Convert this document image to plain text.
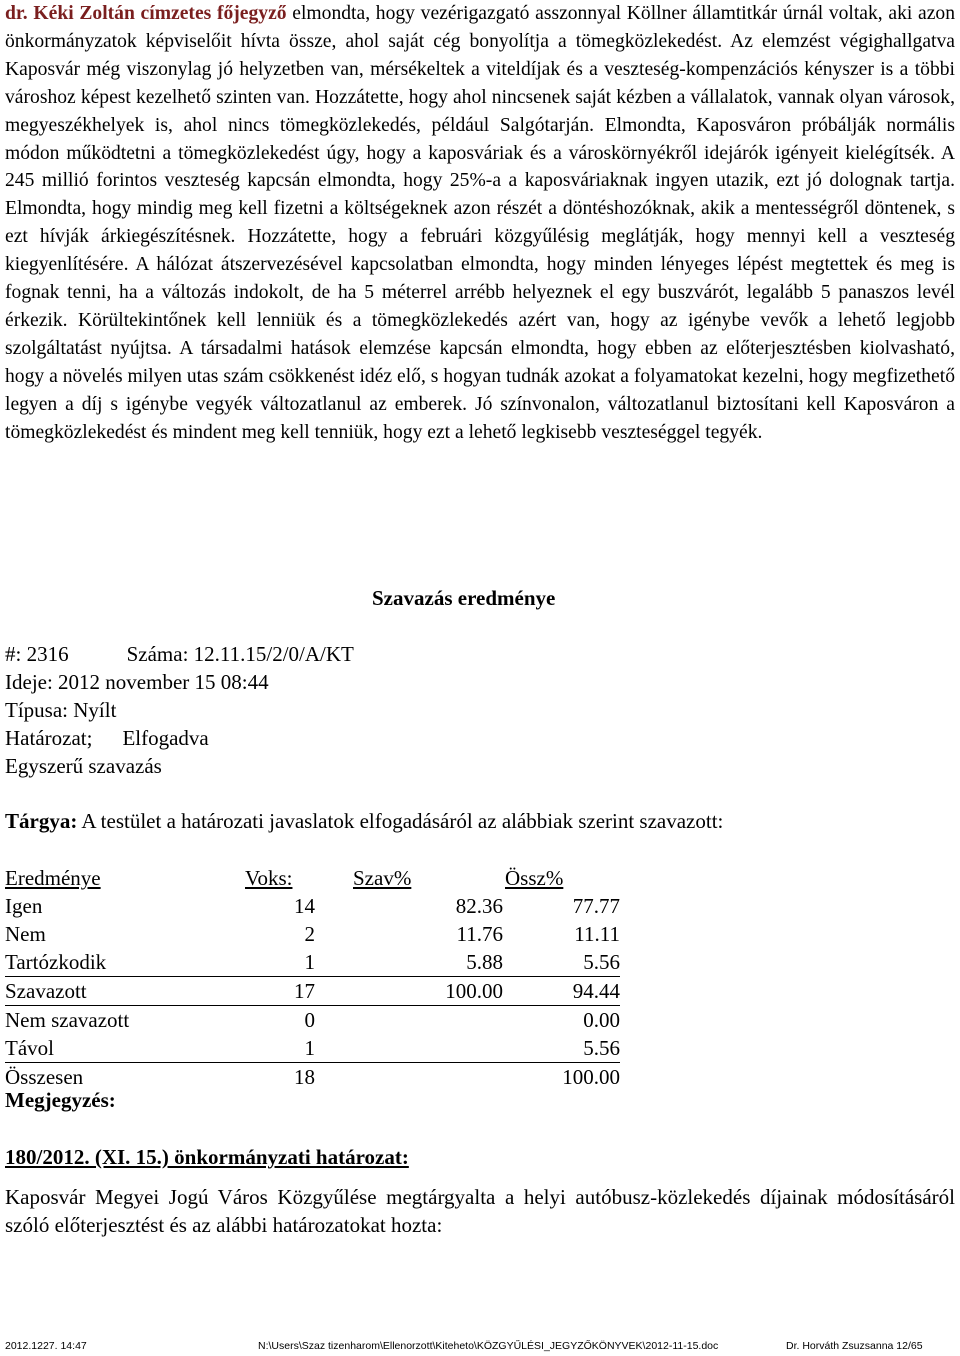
dr. Kéki Zoltán címzetes főjegyző elmondta, hogy vezérigazgató asszonnyal Köllner államtitkár úrnál voltak, aki azon önkormányzatok képviselőit hívta össze, ahol saját cég bonyolítja a tömegközlekedést. Az elemzést végighallgatva Kaposvár még viszonylag jó helyzetben van, mérsékeltek a viteldíjak és a veszteség-kompenzációs kényszer is a többi városhoz képest kezelhető szinten van. Hozzátette, hogy ahol nincsenek saját kézben a vállalatok, vannak olyan városok, megyeszékhelyek is, ahol nincs tömegközlekedés, például Salgótarján. Elmondta, Kaposváron próbálják normális módon működtetni a tömegközlekedést úgy, hogy a kaposváriak és a városkörnyékről idejárók igényeit kielégítsék. A 245 millió forintos veszteség kapcsán elmondta, hogy 25%-a a kaposváriaknak ingyen utazik, ezt jó dolognak tartja. Elmondta, hogy mindig meg kell fizetni a költségeknek azon részét a döntéshozóknak, akik a mentességről döntenek, s ezt hívják árkiegészítésnek. Hozzátette, hogy a februári közgyűlésig meglátják, hogy mennyi kell a veszteség kiegyenlítésére. A hálózat átszervezésével kapcsolatban elmondta, hogy minden lényeges lépést megtettek és meg is fognak tenni, ha a változás indokolt, de ha 5 méterrel arrébb helyeznek el egy buszvárót, legalább 5 panaszos levél érkezik. Körültekintőnek kell lenniük és a tömegközlekedés azért van, hogy az igénybe vevők a lehető legjobb szolgáltatást nyújtsa. A társadalmi hatások elemzése kapcsán elmondta, hogy ebben az előterjesztésben kiolvasható, hogy a növelés milyen utas szám csökkenést idéz elő, s hogyan tudnák azokat a folyamatokat kezelni, hogy megfizethető legyen a díj s igénybe vegyék változatlanul az emberek. Jó színvonalon, változatlanul biztosítani kell Kaposváron a tömegközlekedést és mindent meg kell tenniük, hogy ezt a lehető legkisebb veszteséggel tegyék.

Szavazás eredménye
#: 2316	Száma: 12.11.15/2/0/A/KT
Ideje: 2012 november 15 08:44
Típusa: Nyílt
Határozat; Elfogadva
Egyszerű szavazás
Tárgya: A testület a határozati javaslatok elfogadásáról az alábbiak szerint szavazott:
Eredménye	Voks:	Szav%	Össz%
Igen	14	82.36	77.77
Nem	2	11.76	11.11
Tartózkodik	1	5.88	5.56
Szavazott	17	100.00	94.44
Nem szavazott	0		0.00
Távol	1		5.56
Összesen	18		100.00
Megjegyzés:
180/2012. (XI. 15.) önkormányzati határozat:

Kaposvár Megyei Jogú Város Közgyűlése megtárgyalta a helyi autóbusz-közlekedés díjainak módosításáról szóló előterjesztést és az alábbi határozatokat hozta:

2012.1227. 14:47	N:\Users\Szaz tizenharom\Ellenorzott\Kiteheto\KÖZGYŰLÉSI_JEGYZŐKÖNYVEK\2012-11-15.doc	Dr. Horváth Zsuzsanna 12/65
